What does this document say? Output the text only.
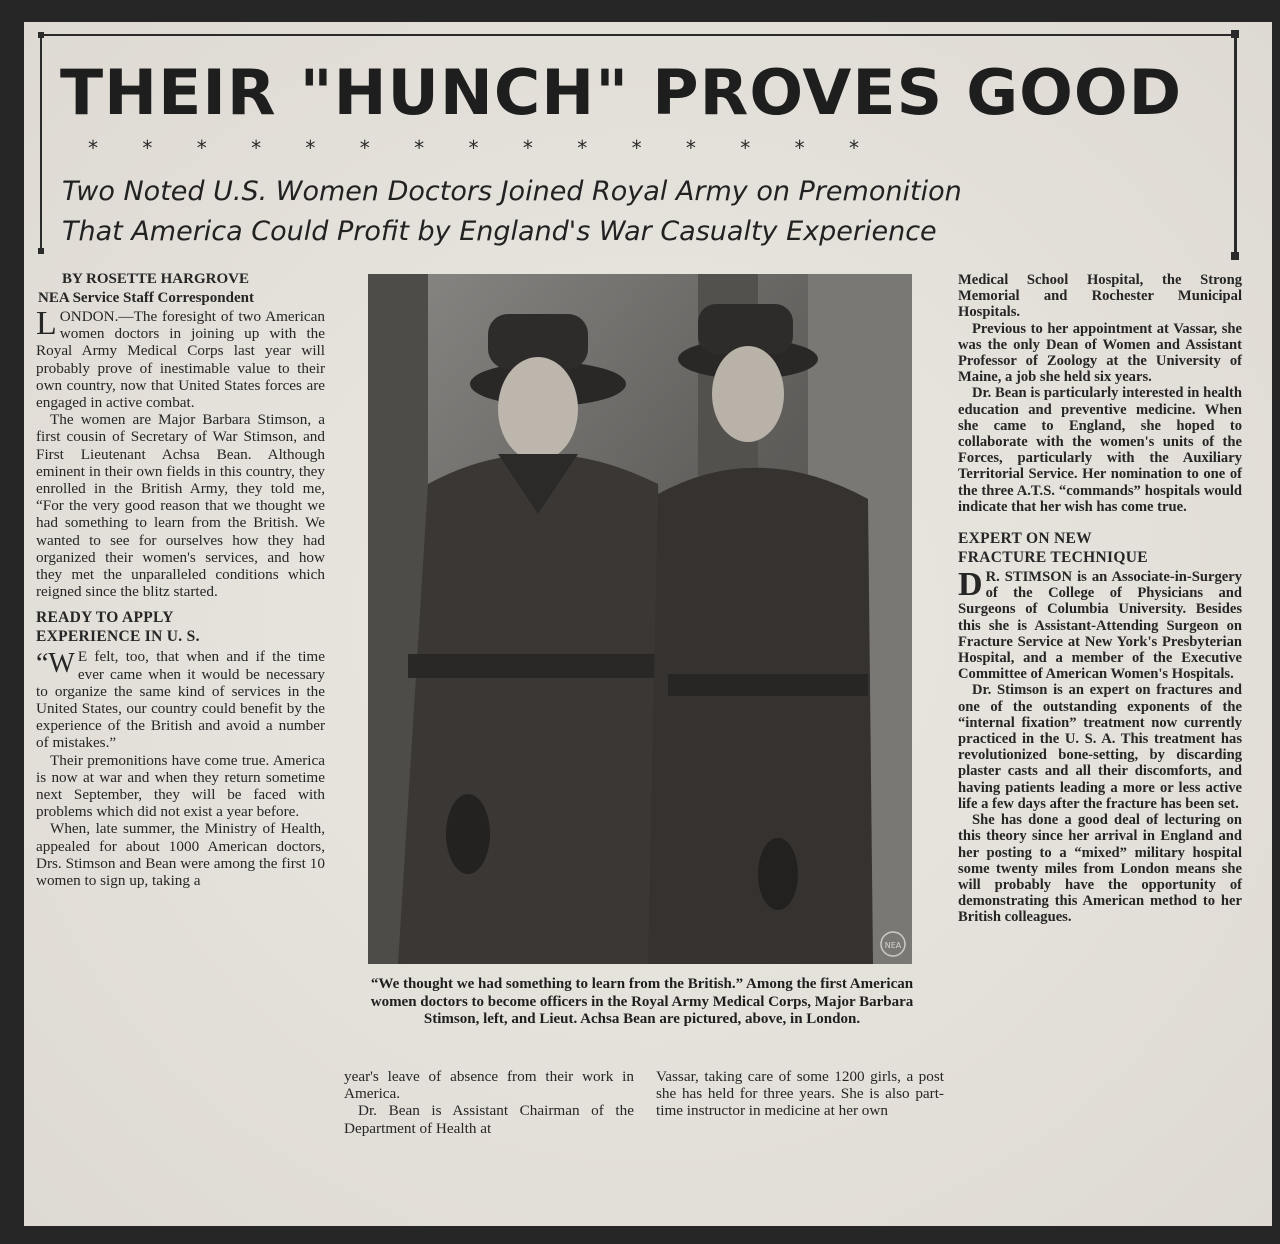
THEIR "HUNCH" PROVES GOOD
* * * * * * * * * * * * * * *
Two Noted U.S. Women Doctors Joined Royal Army on Premonition
That America Could Profit by England's War Casualty Experience
BY ROSETTE HARGROVE
NEA Service Staff Correspondent

LONDON.—The foresight of two American women doctors in joining up with the Royal Army Medical Corps last year will probably prove of inestimable value to their own country, now that United States forces are engaged in active combat.

The women are Major Barbara Stimson, a first cousin of Secretary of War Stimson, and First Lieutenant Achsa Bean. Although eminent in their own fields in this country, they enrolled in the British Army, they told me, “For the very good reason that we thought we had something to learn from the British. We wanted to see for ourselves how they had organized their women's services, and how they met the unparalleled conditions which reigned since the blitz started.

READY TO APPLY
EXPERIENCE IN U. S.

“W E felt, too, that when and if the time ever came when it would be necessary to organize the same kind of services in the United States, our country could benefit by the experience of the British and avoid a number of mistakes.”

Their premonitions have come true. America is now at war and when they return sometime next September, they will be faced with problems which did not exist a year before.

When, late summer, the Ministry of Health, appealed for about 1000 American doctors, Drs. Stimson and Bean were among the first 10 women to sign up, taking a

NEA
“We thought we had something to learn from the British.” Among the first American women doctors to become officers in the Royal Army Medical Corps, Major Barbara Stimson, left, and Lieut. Achsa Bean are pictured, above, in London.

year's leave of absence from their work in America.

Dr. Bean is Assistant Chairman of the Department of Health at

Vassar, taking care of some 1200 girls, a post she has held for three years. She is also part-time instructor in medicine at her own

Medical School Hospital, the Strong Memorial and Rochester Municipal Hospitals.

Previous to her appointment at Vassar, she was the only Dean of Women and Assistant Professor of Zoology at the University of Maine, a job she held six years.

Dr. Bean is particularly interested in health education and preventive medicine. When she came to England, she hoped to collaborate with the women's units of the Forces, particularly with the Auxiliary Territorial Service. Her nomination to one of the three A.T.S. “commands” hospitals would indicate that her wish has come true.

EXPERT ON NEW
FRACTURE TECHNIQUE

D R. STIMSON is an Associate-in-Surgery of the College of Physicians and Surgeons of Columbia University. Besides this she is Assistant-Attending Surgeon on Fracture Service at New York's Presbyterian Hospital, and a member of the Executive Committee of American Women's Hospitals.

Dr. Stimson is an expert on fractures and one of the outstanding exponents of the “internal fixation” treatment now currently practiced in the U. S. A. This treatment has revolutionized bone-setting, by discarding plaster casts and all their discomforts, and having patients leading a more or less active life a few days after the fracture has been set.

She has done a good deal of lecturing on this theory since her arrival in England and her posting to a “mixed” military hospital some twenty miles from London means she will probably have the opportunity of demonstrating this American method to her British colleagues.
